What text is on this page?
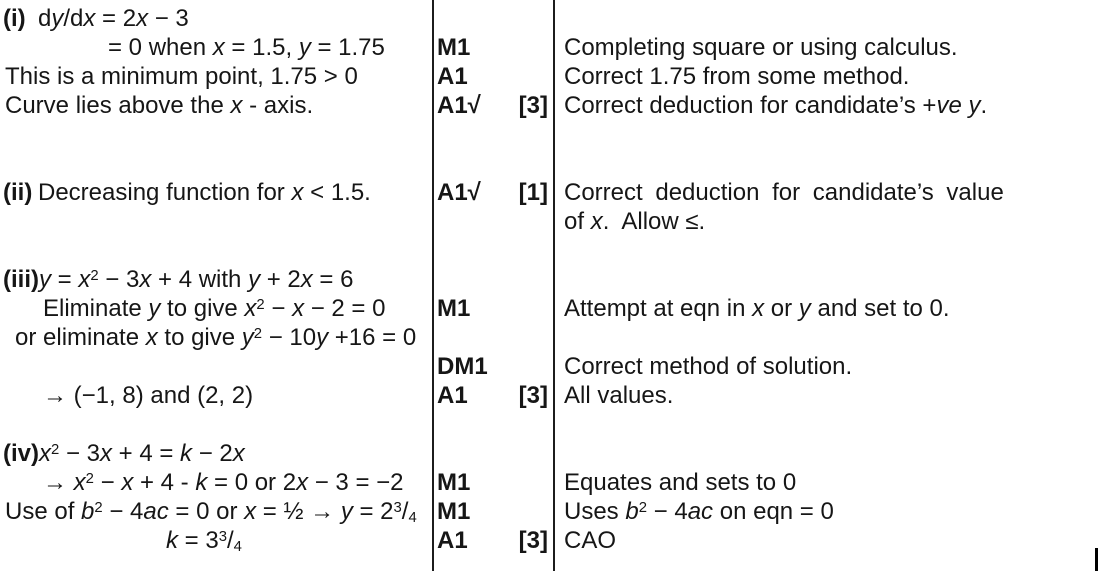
(i) dy/dx = 2x − 3
= 0 when x = 1.5, y = 1.75	M1	Completing square or using calculus.
This is a minimum point, 1.75 > 0	A1	Correct 1.75 from some method.
Curve lies above the x - axis.	A1√ [3] Correct deduction for candidate’s +ve y.
(ii) Decreasing function for x < 1.5.	A1√ [1] Correct deduction for candidate’s value
of x.  Allow ≤.
$(iii)y = x^2 - 3x + 4$ with y + 2x = 6
Eliminate y to give $x^2 - x - 2 = 0$	M1	Attempt at eqn in x or y and set to 0.
or eliminate x to give $y^2 - 10y +16 = 0$
DM1	Correct method of solution.
→ (−1, 8) and (2, 2)	A1 [3] All values.
$(iv)x^2 - 3x + 4 = k - 2x$
→ $x^2 - x + 4 - k = 0$ or 2x − 3 = −2	M1	Equates and sets to 0
Use of $b^2 - 4ac = 0$ or x = ½ → $y = 2^3/_4$ M1	Uses $b^2 - 4ac$ on eqn = 0
$k = 3^3/_4$	A1 [3] CAO
